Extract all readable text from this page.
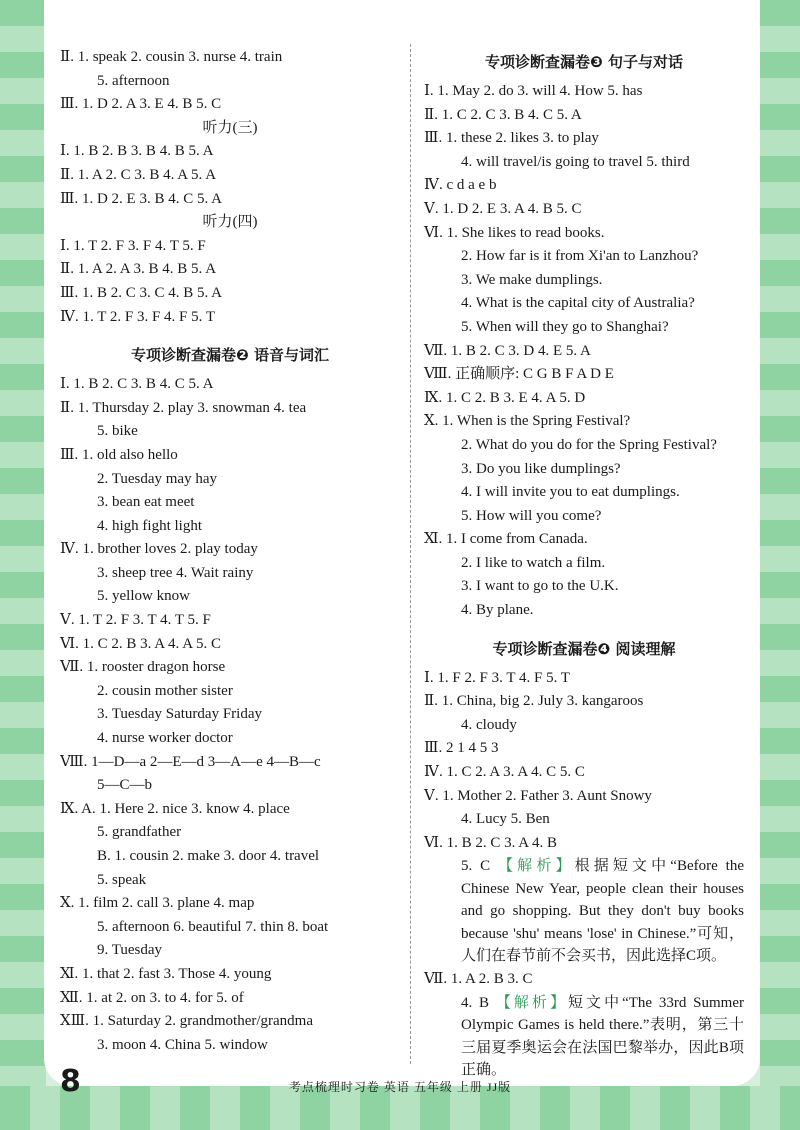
Ⅱ. 1. speak 2. cousin 3. nurse 4. train
5. afternoon
Ⅲ. 1. D 2. A 3. E 4. B 5. C
听力(三)
Ⅰ. 1. B 2. B 3. B 4. B 5. A
Ⅱ. 1. A 2. C 3. B 4. A 5. A
Ⅲ. 1. D 2. E 3. B 4. C 5. A
听力(四)
Ⅰ. 1. T 2. F 3. F 4. T 5. F
Ⅱ. 1. A 2. A 3. B 4. B 5. A
Ⅲ. 1. B 2. C 3. C 4. B 5. A
Ⅳ. 1. T 2. F 3. F 4. F 5. T
专项诊断查漏卷❷ 语音与词汇
Ⅰ. 1. B 2. C 3. B 4. C 5. A
Ⅱ. 1. Thursday 2. play 3. snowman 4. tea
5. bike
Ⅲ. 1. old also hello
2. Tuesday may hay
3. bean eat meet
4. high fight light
Ⅳ. 1. brother loves 2. play today
3. sheep tree 4. Wait rainy
5. yellow know
Ⅴ. 1. T 2. F 3. T 4. T 5. F
Ⅵ. 1. C 2. B 3. A 4. A 5. C
Ⅶ. 1. rooster dragon horse
2. cousin mother sister
3. Tuesday Saturday Friday
4. nurse worker doctor
Ⅷ. 1—D—a 2—E—d 3—A—e 4—B—c
5—C—b
Ⅸ. A. 1. Here 2. nice 3. know 4. place
5. grandfather
B. 1. cousin 2. make 3. door 4. travel
5. speak
Ⅹ. 1. film 2. call 3. plane 4. map
5. afternoon 6. beautiful 7. thin 8. boat
9. Tuesday
Ⅺ. 1. that 2. fast 3. Those 4. young
Ⅻ. 1. at 2. on 3. to 4. for 5. of
ⅩⅢ. 1. Saturday 2. grandmother/grandma
3. moon 4. China 5. window
专项诊断查漏卷❸ 句子与对话
Ⅰ. 1. May 2. do 3. will 4. How 5. has
Ⅱ. 1. C 2. C 3. B 4. C 5. A
Ⅲ. 1. these 2. likes 3. to play
4. will travel/is going to travel 5. third
Ⅳ. c d a e b
Ⅴ. 1. D 2. E 3. A 4. B 5. C
Ⅵ. 1. She likes to read books.
2. How far is it from Xi'an to Lanzhou?
3. We make dumplings.
4. What is the capital city of Australia?
5. When will they go to Shanghai?
Ⅶ. 1. B 2. C 3. D 4. E 5. A
Ⅷ. 正确顺序: C G B F A D E
Ⅸ. 1. C 2. B 3. E 4. A 5. D
Ⅹ. 1. When is the Spring Festival?
2. What do you do for the Spring Festival?
3. Do you like dumplings?
4. I will invite you to eat dumplings.
5. How will you come?
Ⅺ. 1. I come from Canada.
2. I like to watch a film.
3. I want to go to the U.K.
4. By plane.
专项诊断查漏卷❹ 阅读理解
Ⅰ. 1. F 2. F 3. T 4. F 5. T
Ⅱ. 1. China, big 2. July 3. kangaroos
4. cloudy
Ⅲ. 2 1 4 5 3
Ⅳ. 1. C 2. A 3. A 4. C 5. C
Ⅴ. 1. Mother 2. Father 3. Aunt Snowy
4. Lucy 5. Ben
Ⅵ. 1. B 2. C 3. A 4. B
5. C 【解析】根据短文中“Before the Chinese New Year, people clean their houses and go shopping. But they don't buy books because 'shu' means 'lose' in Chinese.”可知，人们在春节前不会买书，因此选择C项。
Ⅶ. 1. A 2. B 3. C
4. B 【解析】短文中“The 33rd Summer Olympic Games is held there.”表明，第三十三届夏季奥运会在法国巴黎举办，因此B项正确。
8	考点梳理时习卷 英语 五年级 上册 JJ版
